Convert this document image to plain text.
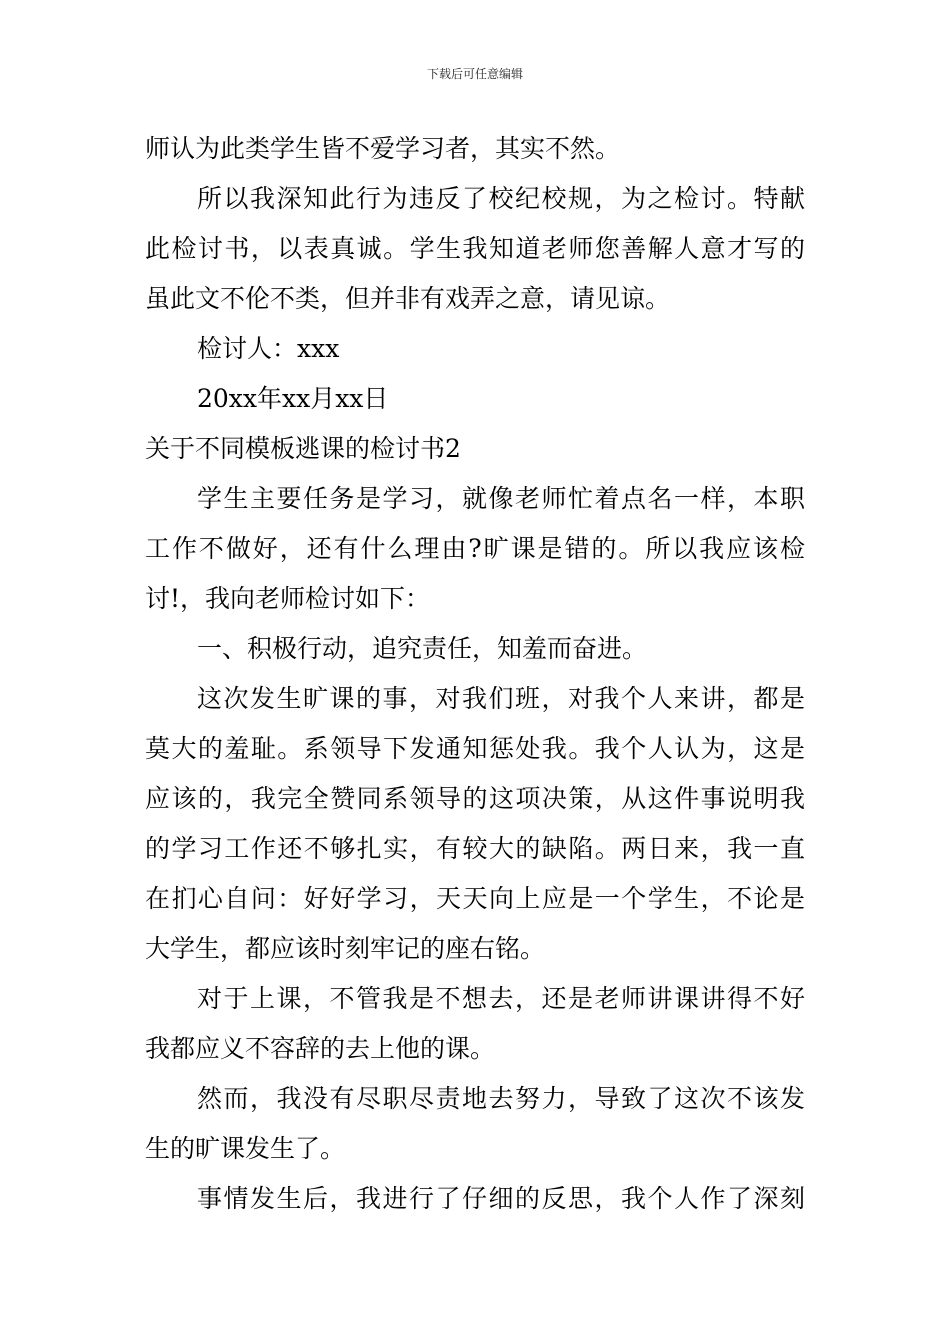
下载后可任意编辑
师认为此类学生皆不爱学习者，其实不然。
所以我深知此行为违反了校纪校规，为之检讨。特献
此检讨书，以表真诚。学生我知道老师您善解人意才写的
虽此文不伦不类，但并非有戏弄之意，请见谅。
检讨人：xxx
20xx年xx月xx日
关于不同模板逃课的检讨书2
学生主要任务是学习，就像老师忙着点名一样，本职
工作不做好，还有什么理由?旷课是错的。所以我应该检
讨!，我向老师检讨如下：
一、积极行动，追究责任，知羞而奋进。
这次发生旷课的事，对我们班，对我个人来讲，都是
莫大的羞耻。系领导下发通知惩处我。我个人认为，这是
应该的，我完全赞同系领导的这项决策，从这件事说明我
的学习工作还不够扎实，有较大的缺陷。两日来，我一直
在扪心自问：好好学习，天天向上应是一个学生，不论是
大学生，都应该时刻牢记的座右铭。
对于上课，不管我是不想去，还是老师讲课讲得不好
我都应义不容辞的去上他的课。
然而，我没有尽职尽责地去努力，导致了这次不该发
生的旷课发生了。
事情发生后，我进行了仔细的反思，我个人作了深刻
